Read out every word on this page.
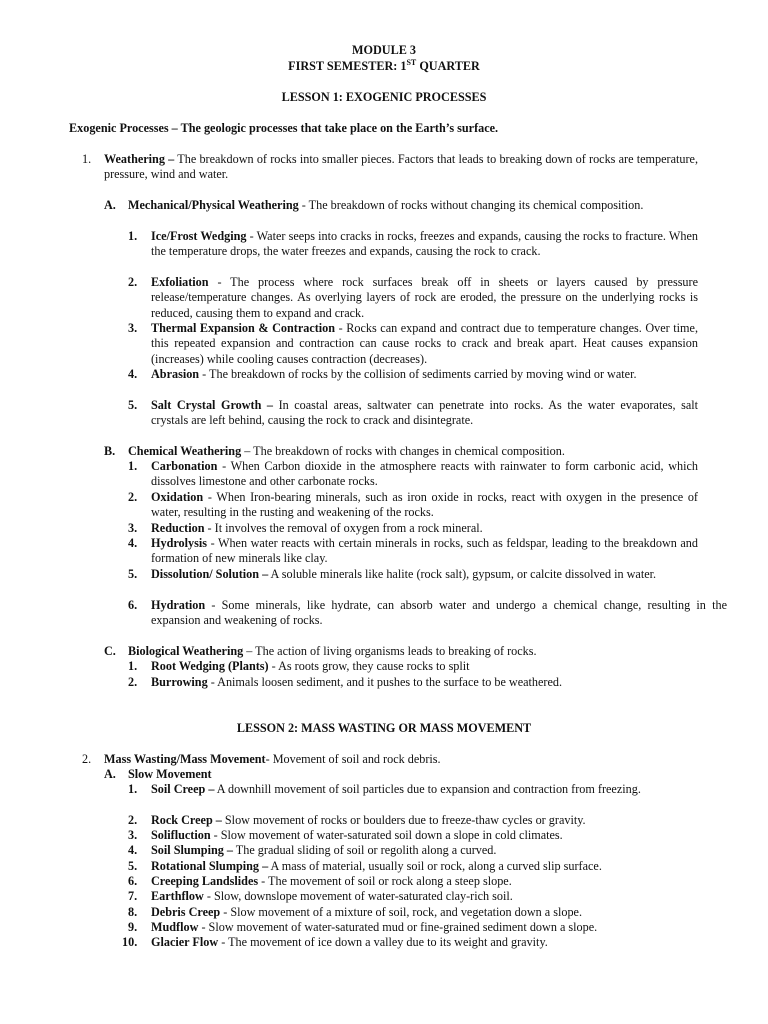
MODULE 3
FIRST SEMESTER: 1ST QUARTER
LESSON 1: EXOGENIC PROCESSES
Exogenic Processes – The geologic processes that take place on the Earth’s surface.
1. Weathering – The breakdown of rocks into smaller pieces. Factors that leads to breaking down of rocks are temperature, pressure, wind and water.
A. Mechanical/Physical Weathering - The breakdown of rocks without changing its chemical composition.
1. Ice/Frost Wedging - Water seeps into cracks in rocks, freezes and expands, causing the rocks to fracture. When the temperature drops, the water freezes and expands, causing the rock to crack.
2. Exfoliation - The process where rock surfaces break off in sheets or layers caused by pressure release/temperature changes. As overlying layers of rock are eroded, the pressure on the underlying rocks is reduced, causing them to expand and crack.
3. Thermal Expansion & Contraction - Rocks can expand and contract due to temperature changes. Over time, this repeated expansion and contraction can cause rocks to crack and break apart. Heat causes expansion (increases) while cooling causes contraction (decreases).
4. Abrasion - The breakdown of rocks by the collision of sediments carried by moving wind or water.
5. Salt Crystal Growth – In coastal areas, saltwater can penetrate into rocks. As the water evaporates, salt crystals are left behind, causing the rock to crack and disintegrate.
B. Chemical Weathering – The breakdown of rocks with changes in chemical composition.
1. Carbonation - When Carbon dioxide in the atmosphere reacts with rainwater to form carbonic acid, which dissolves limestone and other carbonate rocks.
2. Oxidation - When Iron-bearing minerals, such as iron oxide in rocks, react with oxygen in the presence of water, resulting in the rusting and weakening of the rocks.
3. Reduction - It involves the removal of oxygen from a rock mineral.
4. Hydrolysis - When water reacts with certain minerals in rocks, such as feldspar, leading to the breakdown and formation of new minerals like clay.
5. Dissolution/ Solution – A soluble minerals like halite (rock salt), gypsum, or calcite dissolved in water.
6. Hydration - Some minerals, like hydrate, can absorb water and undergo a chemical change, resulting in the expansion and weakening of rocks.
C. Biological Weathering – The action of living organisms leads to breaking of rocks.
1. Root Wedging (Plants) - As roots grow, they cause rocks to split
2. Burrowing - Animals loosen sediment, and it pushes to the surface to be weathered.
LESSON 2: MASS WASTING OR MASS MOVEMENT
2. Mass Wasting/Mass Movement- Movement of soil and rock debris.
A. Slow Movement
1. Soil Creep – A downhill movement of soil particles due to expansion and contraction from freezing.
2. Rock Creep – Slow movement of rocks or boulders due to freeze-thaw cycles or gravity.
3. Solifluction - Slow movement of water-saturated soil down a slope in cold climates.
4. Soil Slumping – The gradual sliding of soil or regolith along a curved.
5. Rotational Slumping – A mass of material, usually soil or rock, along a curved slip surface.
6. Creeping Landslides - The movement of soil or rock along a steep slope.
7. Earthflow - Slow, downslope movement of water-saturated clay-rich soil.
8. Debris Creep - Slow movement of a mixture of soil, rock, and vegetation down a slope.
9. Mudflow - Slow movement of water-saturated mud or fine-grained sediment down a slope.
10. Glacier Flow - The movement of ice down a valley due to its weight and gravity.
